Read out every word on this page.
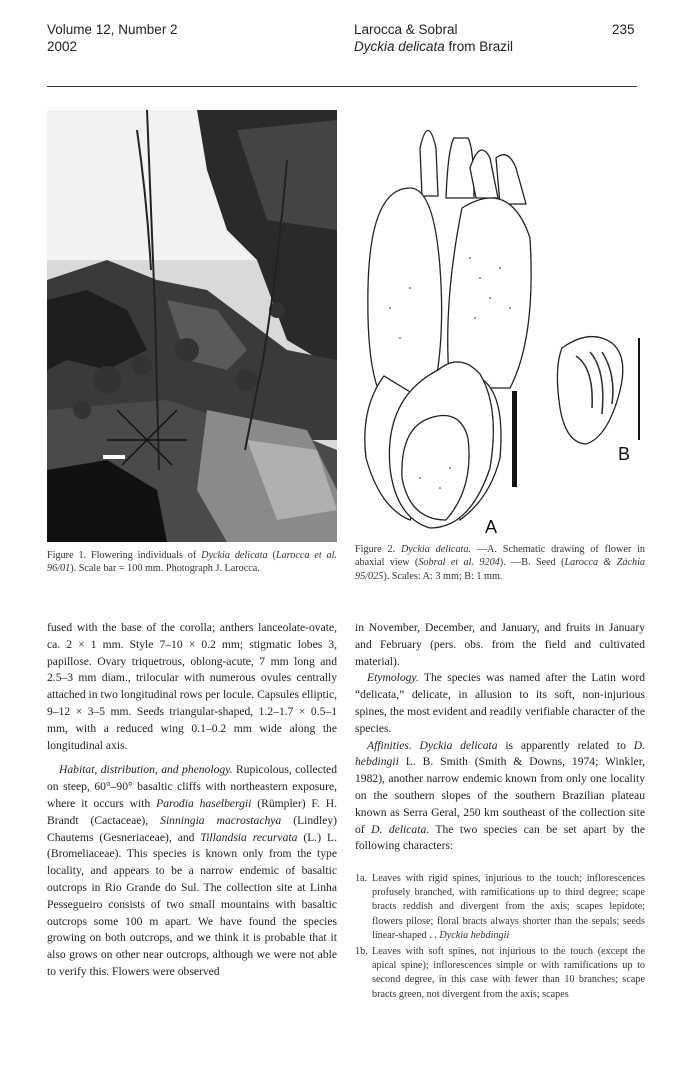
Volume 12, Number 2
2002
Larocca & Sobral
Dyckia delicata from Brazil
235
A
B
Figure 1. Flowering individuals of Dyckia delicata (Larocca et al. 96/01). Scale bar = 100 mm. Photograph J. Larocca.
Figure 2. Dyckia delicata. —A. Schematic drawing of flower in abaxial view (Sobral et al. 9204). —B. Seed (Larocca & Záchia 95/025). Scales: A: 3 mm; B: 1 mm.

fused with the base of the corolla; anthers lanceolate-ovate, ca. 2 × 1 mm. Style 7–10 × 0.2 mm; stigmatic lobes 3, papillose. Ovary triquetrous, oblong-acute, 7 mm long and 2.5–3 mm diam., trilocular with numerous ovules centrally attached in two longitudinal rows per locule. Capsules elliptic, 9–12 × 3–5 mm. Seeds triangular-shaped, 1.2–1.7 × 0.5–1 mm, with a reduced wing 0.1–0.2 mm wide along the longitudinal axis.

Habitat, distribution, and phenology. Rupicolous, collected on steep, 60°–90° basaltic cliffs with northeastern exposure, where it occurs with Parodia haselbergii (Rümpler) F. H. Brandt (Cactaceae), Sinningia macrostachya (Lindley) Chautems (Gesneriaceae), and Tillandsia recurvata (L.) L. (Bromeliaceae). This species is known only from the type locality, and appears to be a narrow endemic of basaltic outcrops in Rio Grande do Sul. The collection site at Linha Pessegueiro consists of two small mountains with basaltic outcrops some 100 m apart. We have found the species growing on both outcrops, and we think it is probable that it also grows on other near outcrops, although we were not able to verify this. Flowers were observed

in November, December, and January, and fruits in January and February (pers. obs. from the field and cultivated material).

Etymology. The species was named after the Latin word “delicata,” delicate, in allusion to its soft, non-injurious spines, the most evident and readily verifiable character of the species.

Affinities. Dyckia delicata is apparently related to D. hebdingii L. B. Smith (Smith & Downs, 1974; Winkler, 1982), another narrow endemic known from only one locality on the southern slopes of the southern Brazilian plateau known as Serra Geral, 250 km southeast of the collection site of D. delicata. The two species can be set apart by the following characters:

1a. Leaves with rigid spines, injurious to the touch; inflorescences profusely branched, with ramifications up to third degree; scape bracts reddish and divergent from the axis; scapes lepidote; flowers pilose; floral bracts always shorter than the sepals; seeds linear-shaped . . Dyckia hebdingii
1b. Leaves with soft spines, not injurious to the touch (except the apical spine); inflorescences simple or with ramifications up to second degree, in this case with fewer than 10 branches; scape bracts green, not divergent from the axis; scapes
